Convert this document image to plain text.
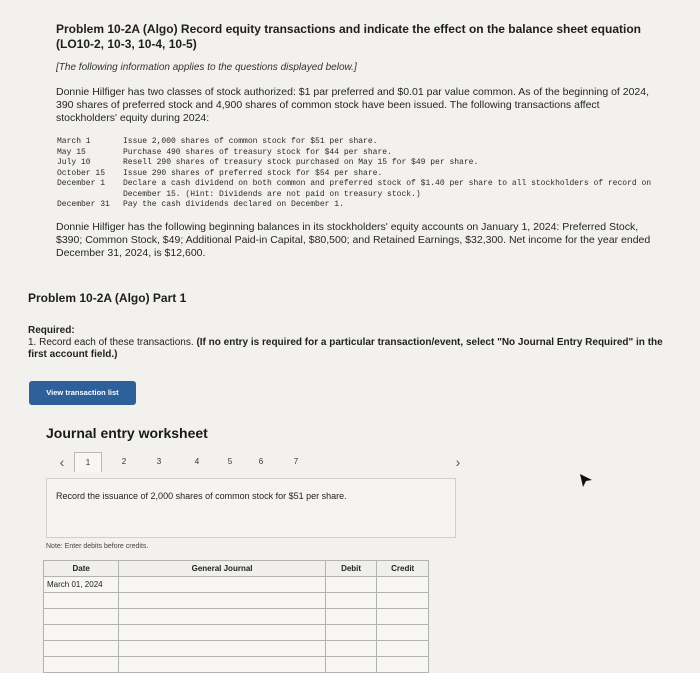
Problem 10-2A (Algo) Record equity transactions and indicate the effect on the balance sheet equation (LO10-2, 10-3, 10-4, 10-5)
[The following information applies to the questions displayed below.]
Donnie Hilfiger has two classes of stock authorized: $1 par preferred and $0.01 par value common. As of the beginning of 2024, 390 shares of preferred stock and 4,900 shares of common stock have been issued. The following transactions affect stockholders' equity during 2024:
March 1	Issue 2,000 shares of common stock for $51 per share.
May 15	Purchase 490 shares of treasury stock for $44 per share.
July 10	Resell 290 shares of treasury stock purchased on May 15 for $49 per share.
October 15	Issue 290 shares of preferred stock for $54 per share.
December 1	Declare a cash dividend on both common and preferred stock of $1.40 per share to all stockholders of record on December 15. (Hint: Dividends are not paid on treasury stock.)
December 31	Pay the cash dividends declared on December 1.
Donnie Hilfiger has the following beginning balances in its stockholders' equity accounts on January 1, 2024: Preferred Stock, $390; Common Stock, $49; Additional Paid-in Capital, $80,500; and Retained Earnings, $32,300. Net income for the year ended December 31, 2024, is $12,600.
Problem 10-2A (Algo) Part 1
Required:
1. Record each of these transactions. (If no entry is required for a particular transaction/event, select "No Journal Entry Required" in the first account field.)
View transaction list
Journal entry worksheet
‹	1	2	3	4	5	6	7	›
Record the issuance of 2,000 shares of common stock for $51 per share.
Note: Enter debits before credits.
Date	General Journal	Debit	Credit
March 01, 2024			
